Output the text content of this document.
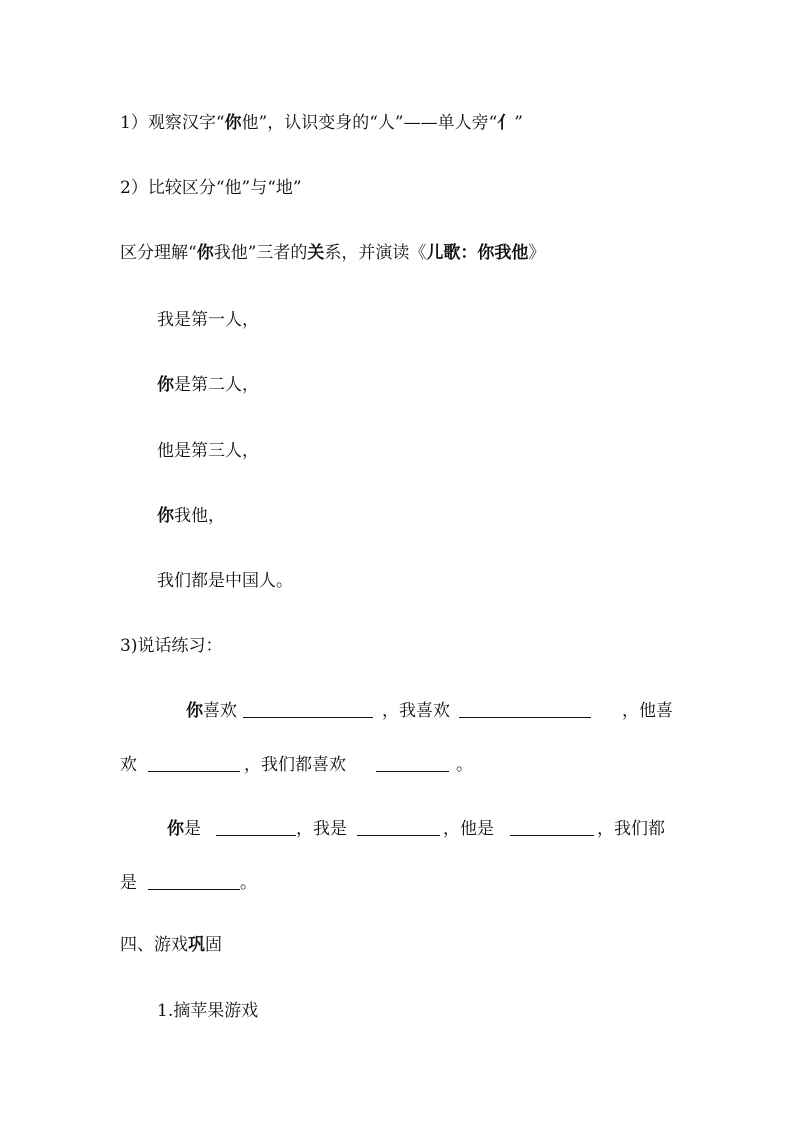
1）观察汉字“你他”，认识变身的“人”——单人旁“亻”
2）比较区分“他”与“地”
区分理解“你我他”三者的关系，并演读《儿歌：你我他》
我是第一人，
你是第二人，
他是第三人，
你我他，
我们都是中国人。
3)说话练习：
你喜欢	，我喜欢	，他喜
欢	，我们都喜欢	。
你是	，我是	，他是	，我们都
是	。
四、游戏巩固
1.摘苹果游戏
